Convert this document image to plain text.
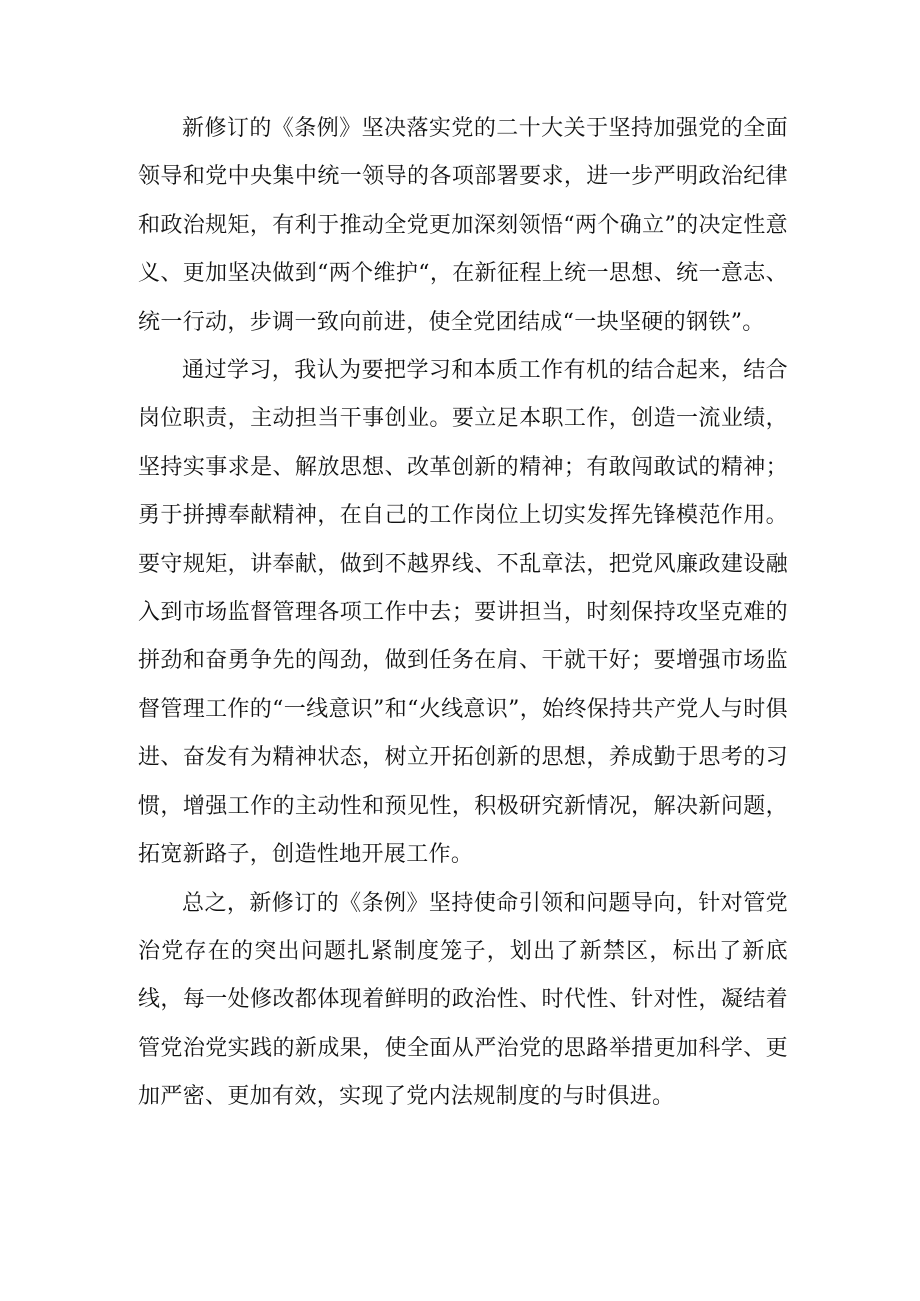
新修订的《条例》坚决落实党的二十大关于坚持加强党的全面领导和党中央集中统一领导的各项部署要求，进一步严明政治纪律和政治规矩，有利于推动全党更加深刻领悟“两个确立”的决定性意义、更加坚决做到“两个维护“，在新征程上统一思想、统一意志、统一行动，步调一致向前进，使全党团结成“一块坚硬的钢铁”。

通过学习，我认为要把学习和本质工作有机的结合起来，结合岗位职责，主动担当干事创业。要立足本职工作，创造一流业绩，坚持实事求是、解放思想、改革创新的精神；有敢闯敢试的精神；勇于拼搏奉献精神，在自己的工作岗位上切实发挥先锋模范作用。要守规矩，讲奉献，做到不越界线、不乱章法，把党风廉政建设融入到市场监督管理各项工作中去；要讲担当，时刻保持攻坚克难的拼劲和奋勇争先的闯劲，做到任务在肩、干就干好；要增强市场监督管理工作的“一线意识”和“火线意识”，始终保持共产党人与时俱进、奋发有为精神状态，树立开拓创新的思想，养成勤于思考的习惯，增强工作的主动性和预见性，积极研究新情况，解决新问题，拓宽新路子，创造性地开展工作。

总之，新修订的《条例》坚持使命引领和问题导向，针对管党治党存在的突出问题扎紧制度笼子，划出了新禁区，标出了新底线，每一处修改都体现着鲜明的政治性、时代性、针对性，凝结着管党治党实践的新成果，使全面从严治党的思路举措更加科学、更加严密、更加有效，实现了党内法规制度的与时俱进。
